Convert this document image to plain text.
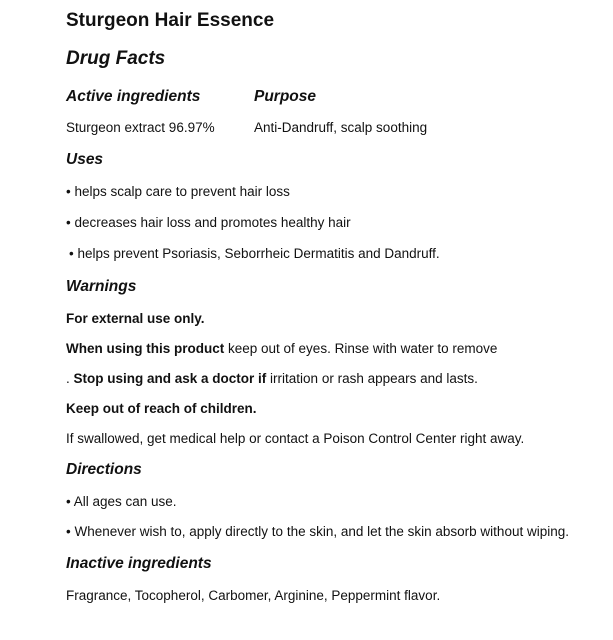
Sturgeon Hair Essence
Drug Facts
Active ingredients	Purpose
Sturgeon extract 96.97%	Anti-Dandruff, scalp soothing
Uses
• helps scalp care to prevent hair loss
• decreases hair loss and promotes healthy hair
• helps prevent Psoriasis, Seborrheic Dermatitis and Dandruff.
Warnings
For external use only.
When using this product keep out of eyes. Rinse with water to remove
. Stop using and ask a doctor if irritation or rash appears and lasts.
Keep out of reach of children.
If swallowed, get medical help or contact a Poison Control Center right away.
Directions
• All ages can use.
• Whenever wish to, apply directly to the skin, and let the skin absorb without wiping.
Inactive ingredients
Fragrance, Tocopherol, Carbomer, Arginine, Peppermint flavor.
